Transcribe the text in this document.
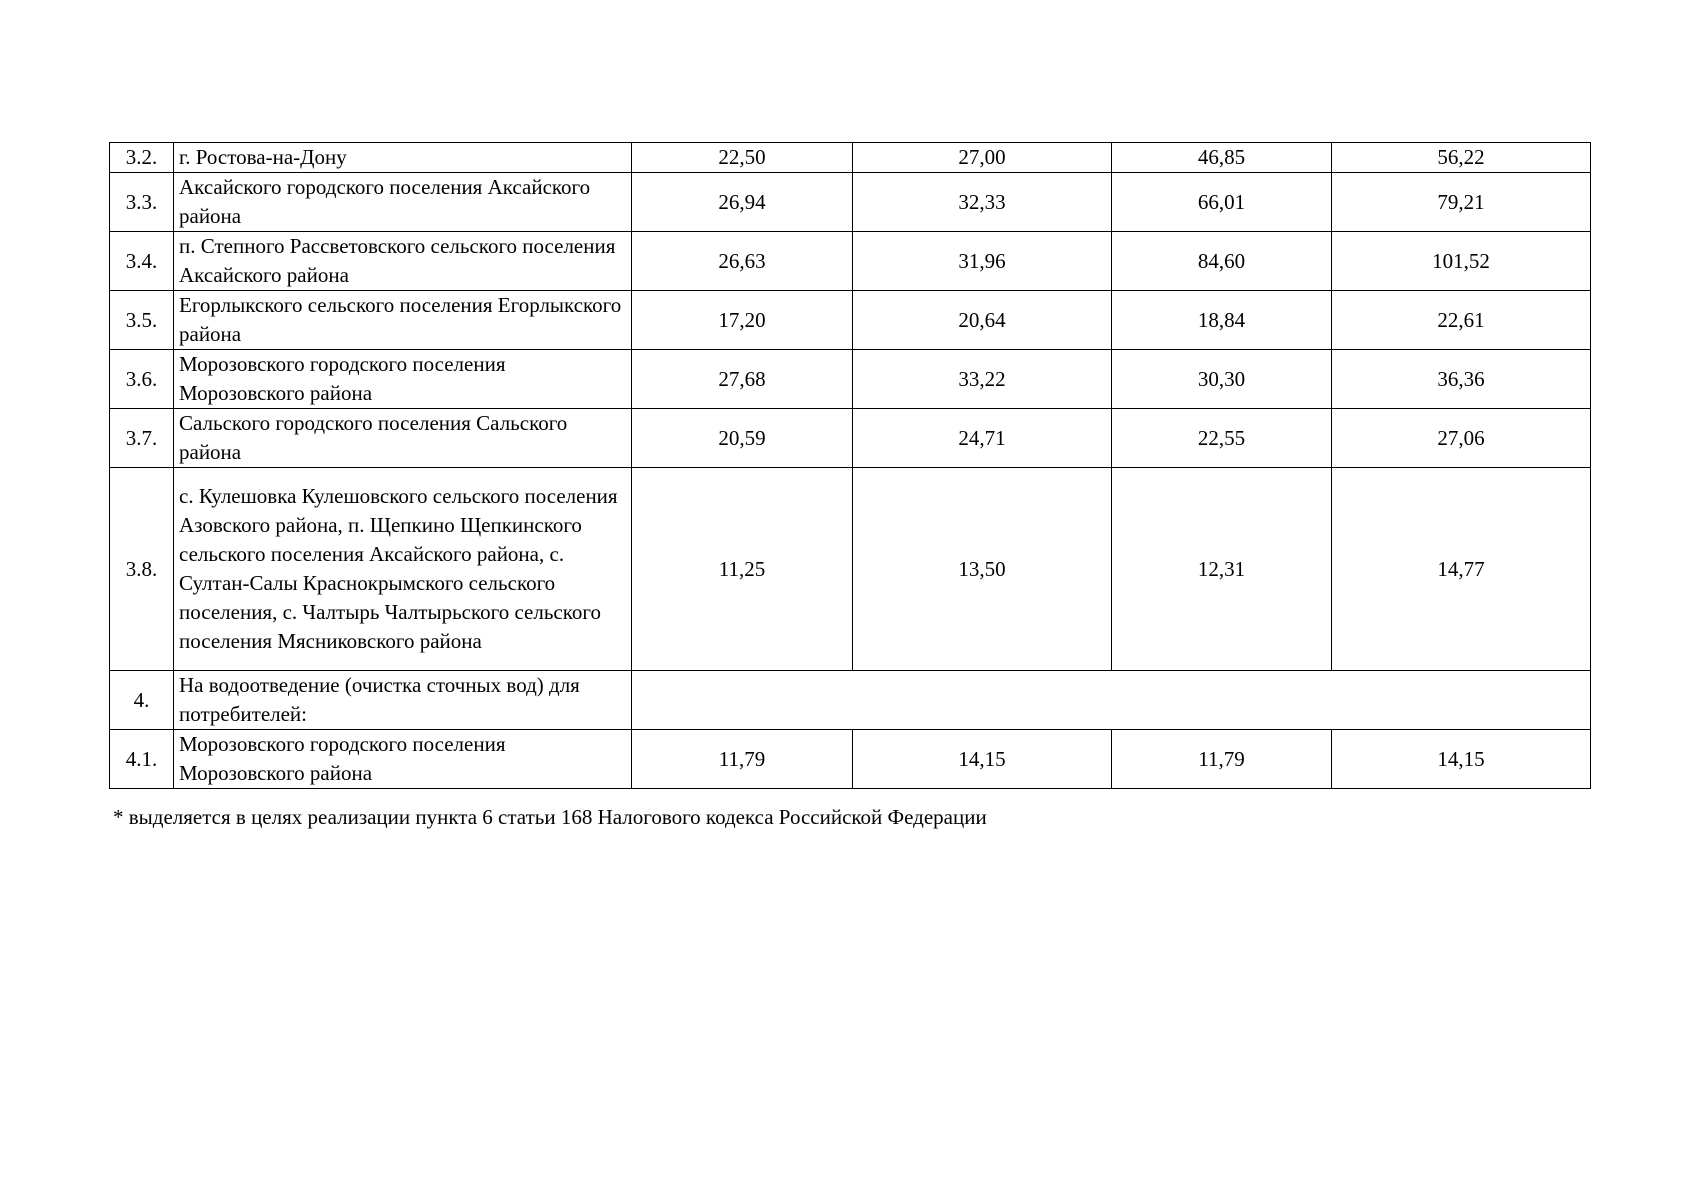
3.2.	г. Ростова-на-Дону	22,50	27,00	46,85	56,22
3.3.	Аксайского городского поселения Аксайского района	26,94	32,33	66,01	79,21
3.4.	п. Степного Рассветовского сельского поселения Аксайского района	26,63	31,96	84,60	101,52
3.5.	Егорлыкского сельского поселения Егорлыкского района	17,20	20,64	18,84	22,61
3.6.	Морозовского городского поселения Морозовского района	27,68	33,22	30,30	36,36
3.7.	Сальского городского поселения Сальского района	20,59	24,71	22,55	27,06
3.8.	с. Кулешовка Кулешовского сельского поселения Азовского района, п. Щепкино Щепкинского сельского поселения Аксайского района, с. Султан-Салы Краснокрымского сельского поселения, с. Чалтырь Чалтырьского сельского поселения Мясниковского района	11,25	13,50	12,31	14,77
4.	На водоотведение (очистка сточных вод) для потребителей:				
4.1.	Морозовского городского поселения Морозовского района	11,79	14,15	11,79	14,15
* выделяется в целях реализации пункта 6 статьи 168 Налогового кодекса Российской Федерации
